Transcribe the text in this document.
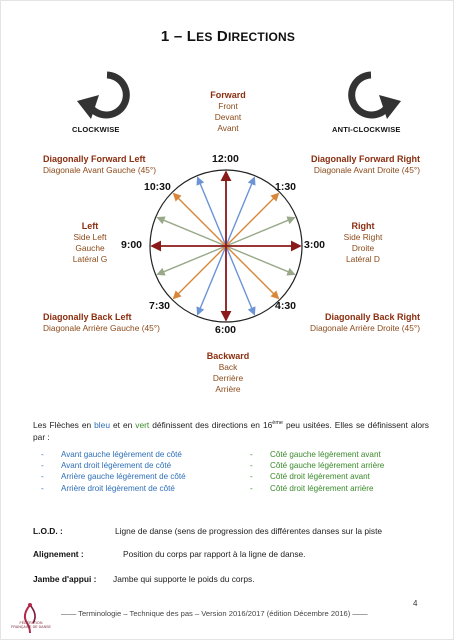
1 – LES DIRECTIONS
CLOCKWISE	ANTI-CLOCKWISE
12:00
1:30
3:00
4:30
6:00
7:30
9:00
10:30
Forward
Front
Devant
Avant
Backward
Back
Derrière
Arrière
Left
Side Left
Gauche
Latéral G
Right
Side Right
Droite
Latéral D
Diagonally Forward Left
Diagonale Avant Gauche (45°)
Diagonally Forward Right
Diagonale Avant Droite (45°)
Diagonally Back Left
Diagonale Arrière Gauche (45°)
Diagonally Back Right
Diagonale Arrière Droite (45°)
Les Flèches en bleu et en vert définissent des directions en 16ème peu usitées. Elles se définissent alors par :
-	Avant gauche légèrement de côté
-	Avant droit légèrement de côté
-	Arrière gauche légèrement de côté
-	Arrière droit légèrement de côté
-	Côté gauche légèrement avant
-	Côté gauche légèrement arrière
-	Côté droit légèrement avant
-	Côté droit légèrement arrière
L.O.D. :	Ligne de danse (sens de progression des différentes danses sur la piste
Alignement :	Position du corps par rapport à la ligne de danse.
Jambe d'appui : Jambe qui supporte le poids du corps.
FÉDÉRATION FRANÇAISE DE DANSE
—— Terminologie – Technique des pas – Version 2016/2017 (édition Décembre 2016) ——
4
